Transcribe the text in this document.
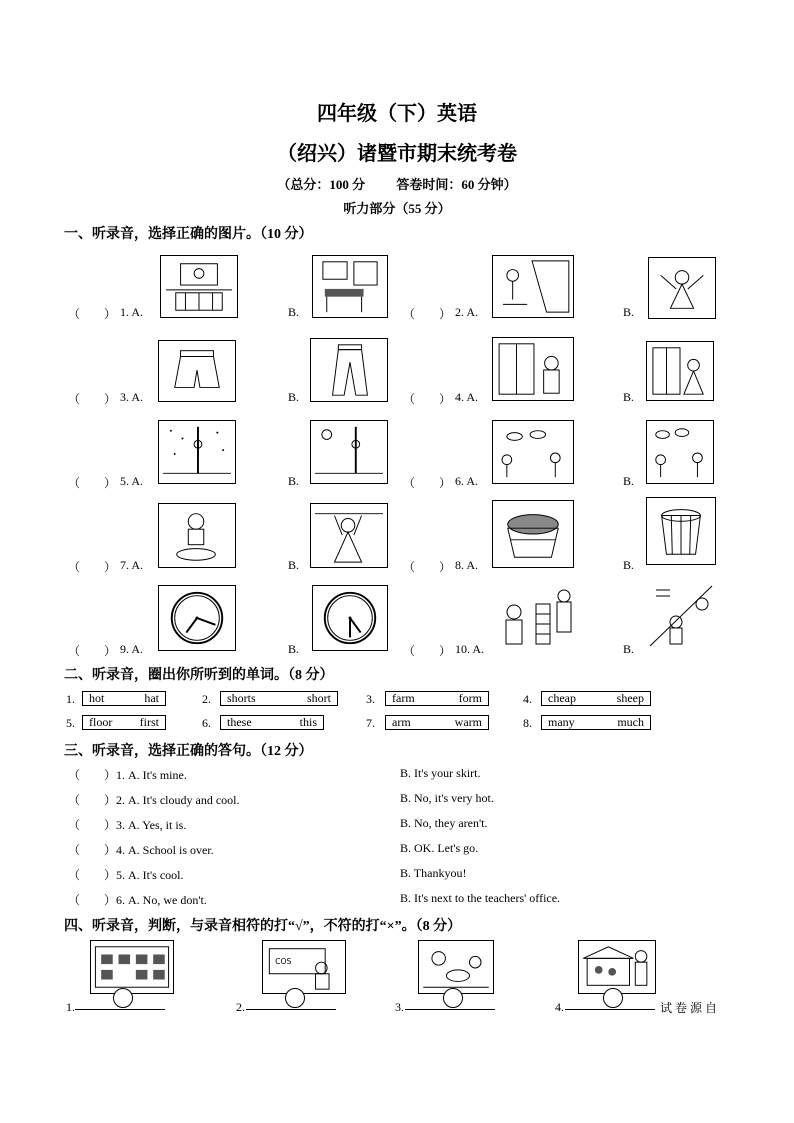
四年级（下）英语
（绍兴）诸暨市期末统考卷
（总分：100 分 答卷时间：60 分钟）
听力部分（55 分）
一、听录音，选择正确的图片。（10 分）
（　　） 1. A.	B.	（　　） 2. A.	B.
（　　） 3. A.	B.	（　　） 4. A.	B.
（　　） 5. A.	B.	（　　） 6. A.	B.
（　　） 7. A.	B.	（　　） 8. A.	B.
（　　） 9. A.	B.	（　　） 10. A.	B.
二、听录音，圈出你所听到的单词。（8 分）
1. hot	hat	2. shorts	short	3. farm	form	4. cheap	sheep
5. floor first	6. these	this	7. arm	warm	8. many	much
三、听录音，选择正确的答句。（12 分）
（　　）1. A. It's mine.	B. It's your skirt.
（　　）2. A. It's cloudy and cool.	B. No, it's very hot.
（　　）3. A. Yes, it is.	B. No, they aren't.
（　　）4. A. School is over.	B. OK. Let's go.
（　　）5. A. It's cool.	B. Thankyou!
（　　）6. A. No, we don't.	B. It's next to the teachers' office.
四、听录音，判断，与录音相符的打“√”，不符的打“×”。（8 分）
1.
COS
2.	3.	4.	试 卷 源 自
